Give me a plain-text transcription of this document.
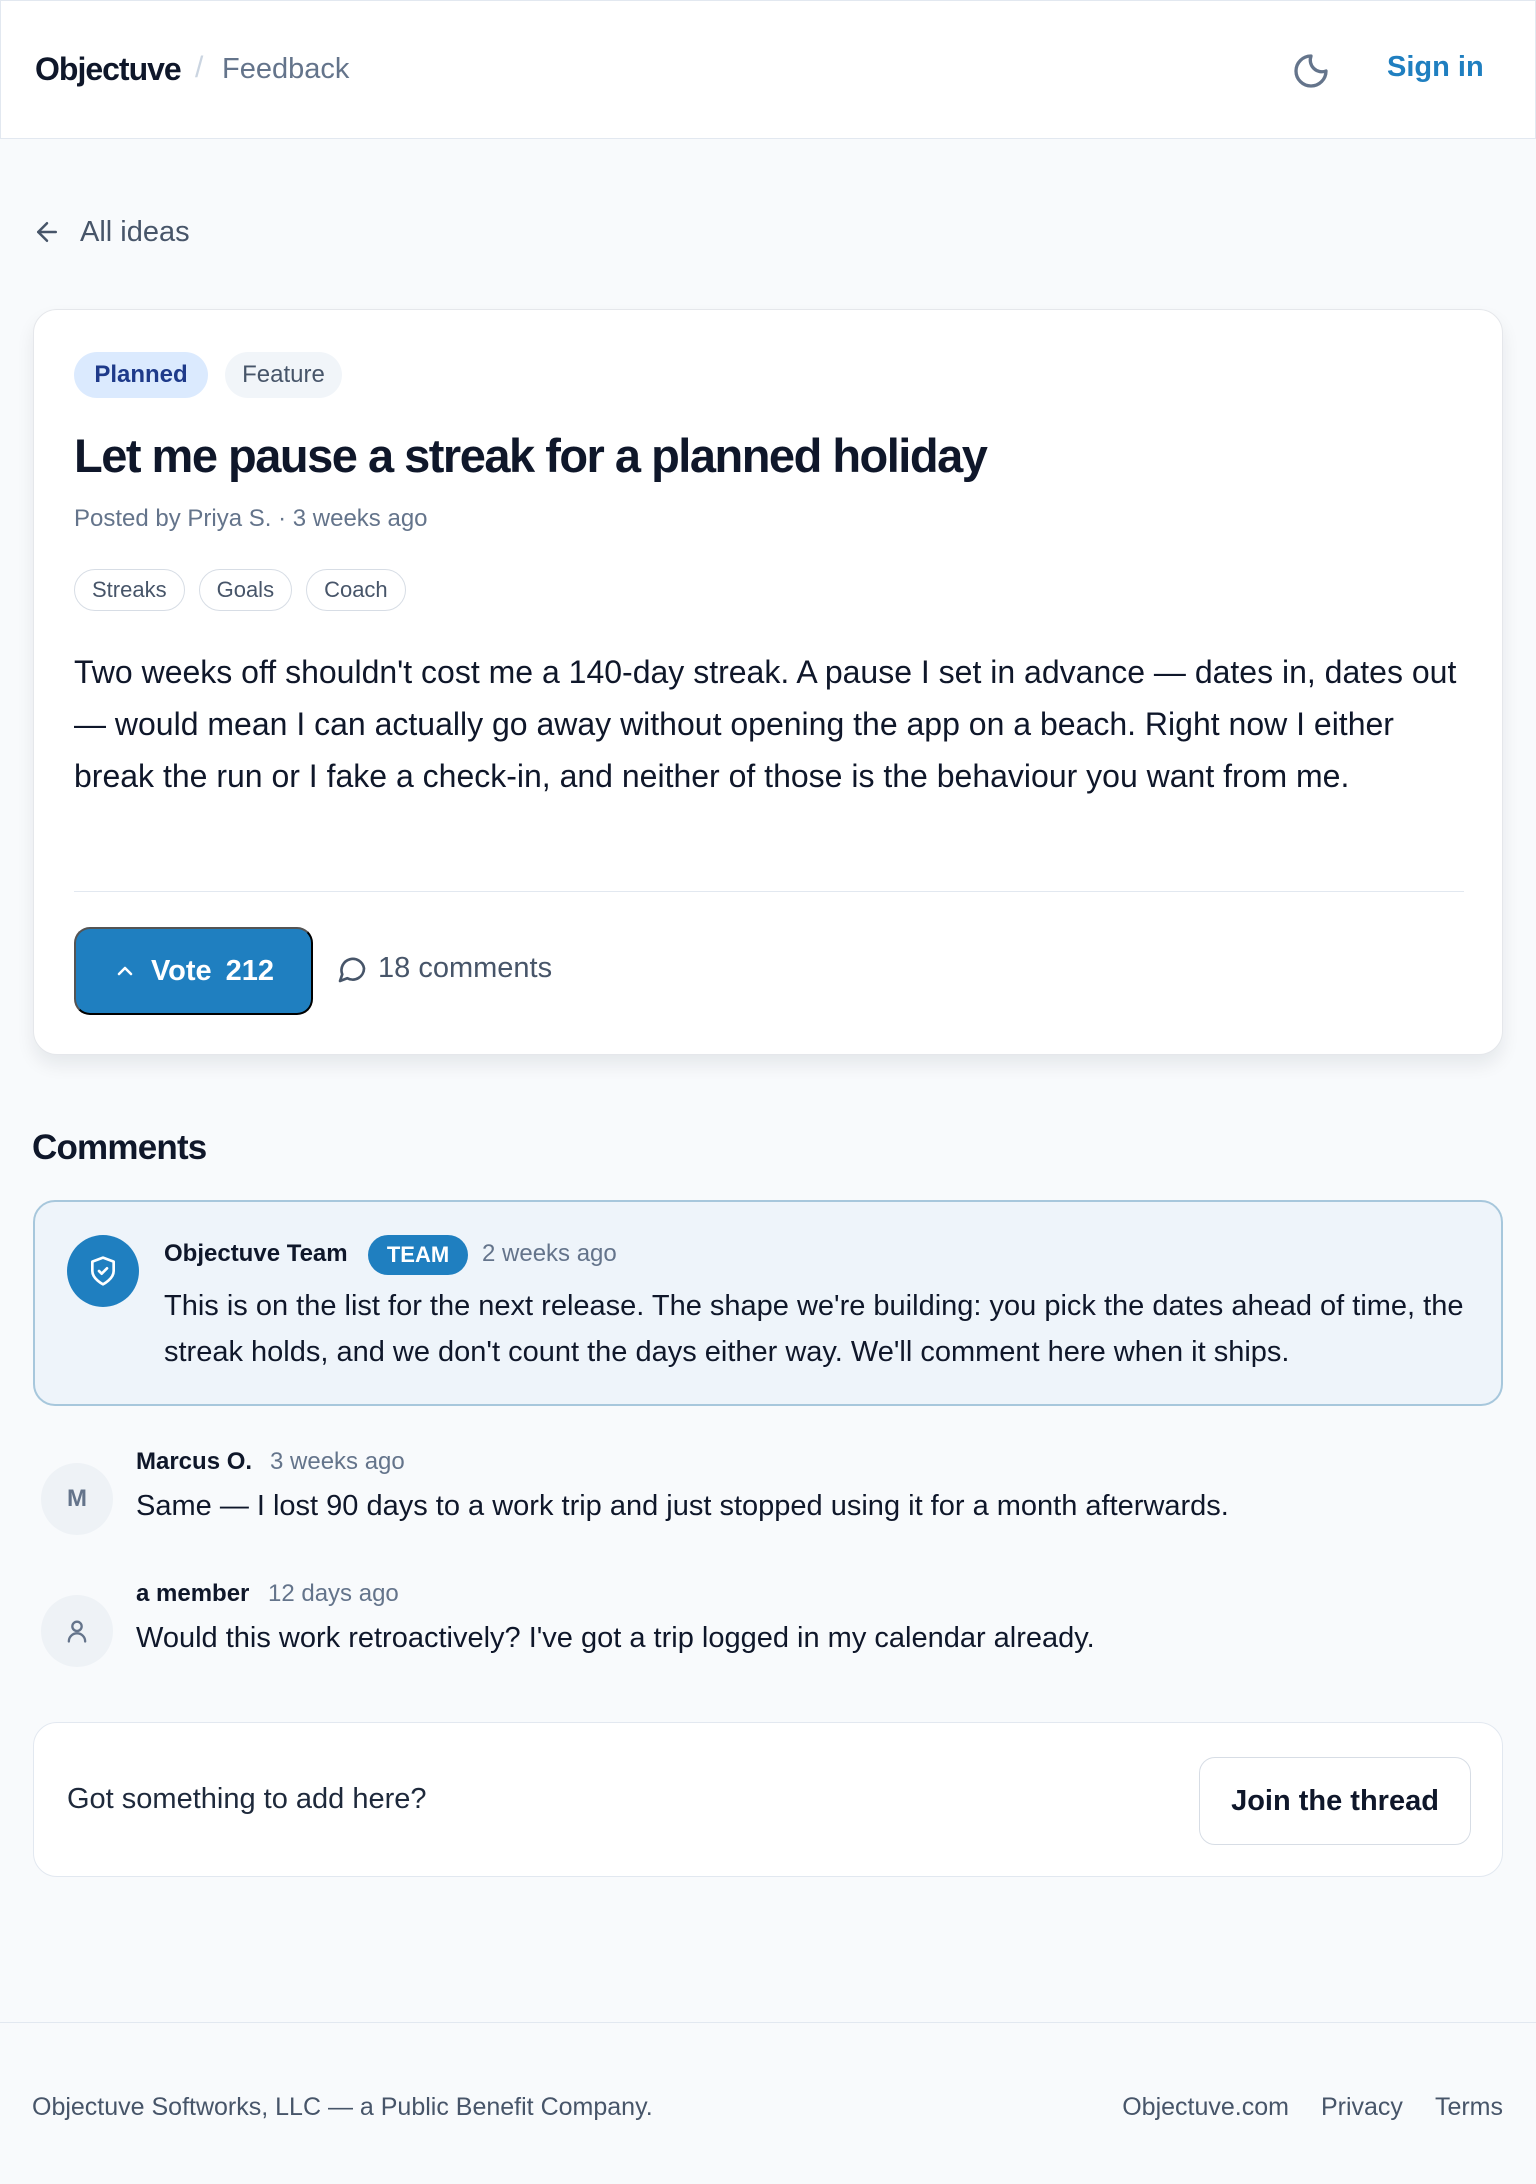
Objectuve / Feedback	Sign in
All ideas
Planned	Feature
Let me pause a streak for a planned holiday
Posted by Priya S. · 3 weeks ago
Streaks	Goals	Coach

Two weeks off shouldn't cost me a 140-day streak. A pause I set in advance — dates in, dates out — would mean I can actually go away without opening the app on a beach. Right now I either break the run or I fake a check-in, and neither of those is the behaviour you want from me.

Vote 212	18 comments
Comments
Objectuve Team	TEAM	2 weeks ago

This is on the list for the next release. The shape we're building: you pick the dates ahead of time, the streak holds, and we don't count the days either way. We'll comment here when it ships.

M
Marcus O. 3 weeks ago

Same — I lost 90 days to a work trip and just stopped using it for a month afterwards.

a member 12 days ago

Would this work retroactively? I've got a trip logged in my calendar already.

Got something to add here?	Join the thread
Objectuve Softworks, LLC — a Public Benefit Company.	Objectuve.com Privacy Terms
